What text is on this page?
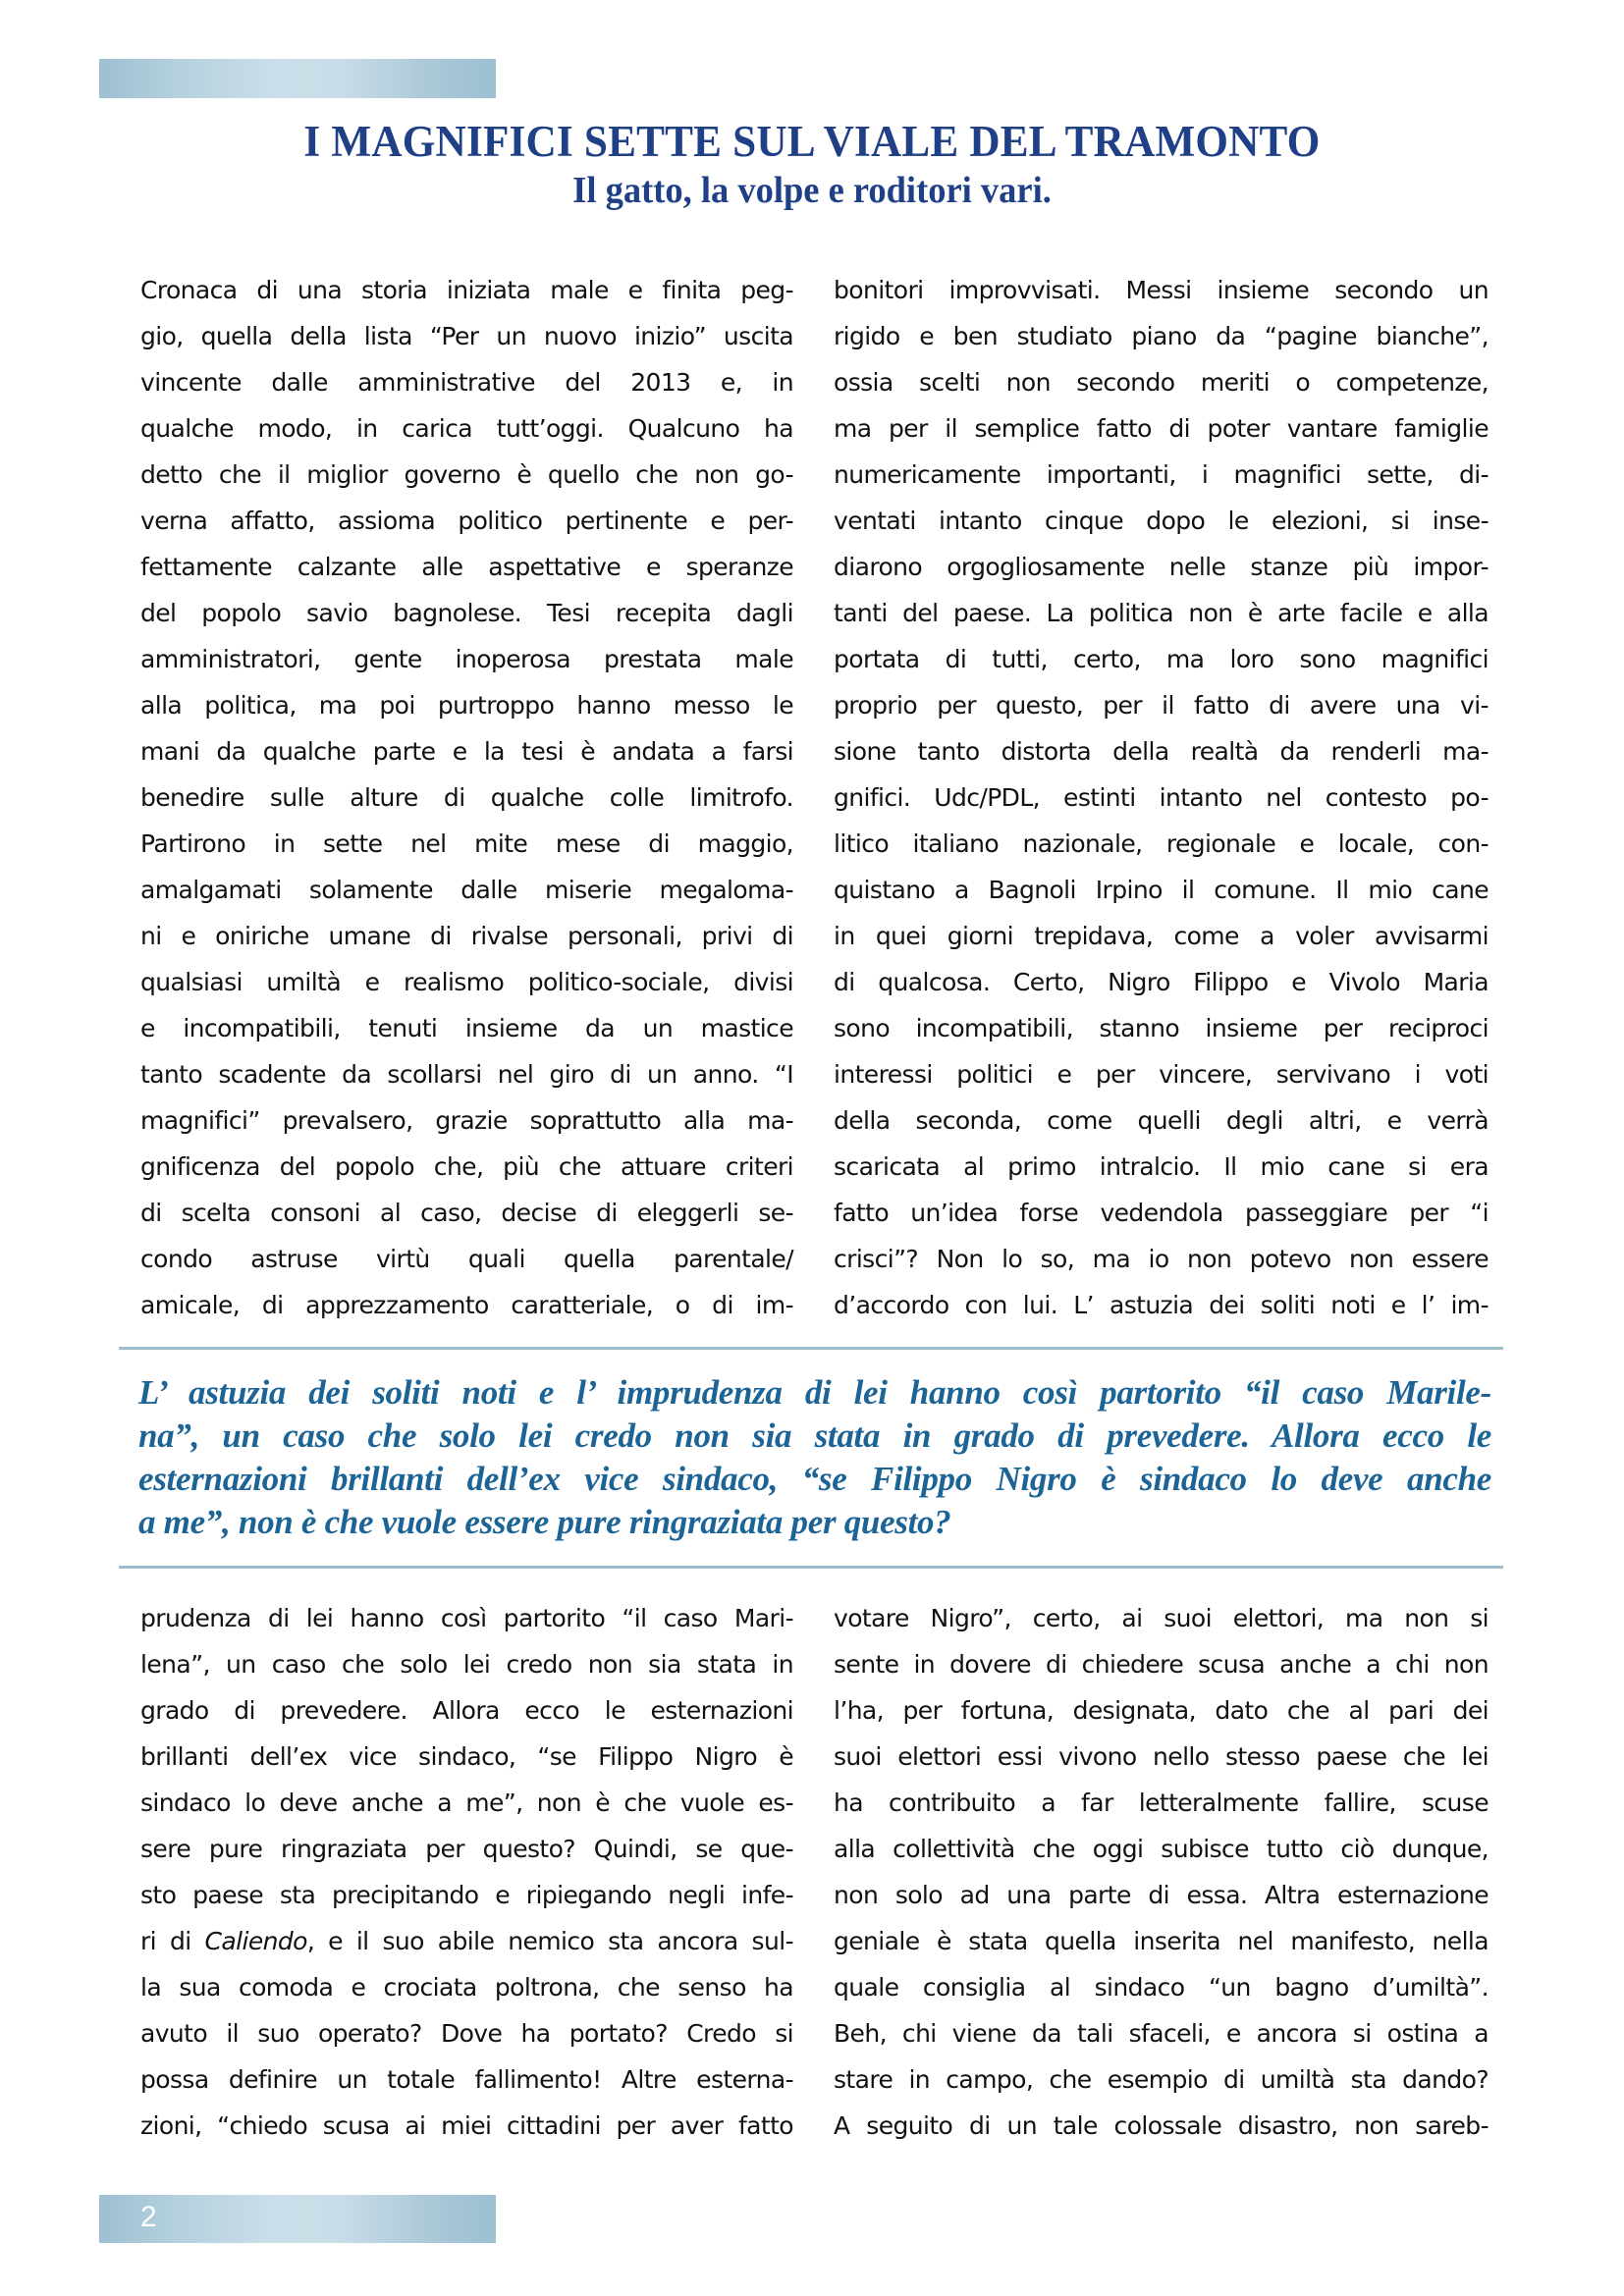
I MAGNIFICI SETTE SUL VIALE DEL TRAMONTO
Il gatto, la volpe e roditori vari.
Cronaca di una storia iniziata male e finita peg-
gio, quella della lista “Per un nuovo inizio” uscita
vincente dalle amministrative del 2013 e, in
qualche modo, in carica tutt’oggi. Qualcuno ha
detto che il miglior governo è quello che non go-
verna affatto, assioma politico pertinente e per-
fettamente calzante alle aspettative e speranze
del popolo savio bagnolese. Tesi recepita dagli
amministratori, gente inoperosa prestata male
alla politica, ma poi purtroppo hanno messo le
mani da qualche parte e la tesi è andata a farsi
benedire sulle alture di qualche colle limitrofo.
Partirono in sette nel mite mese di maggio,
amalgamati solamente dalle miserie megaloma-
ni e oniriche umane di rivalse personali, privi di
qualsiasi umiltà e realismo politico-sociale, divisi
e incompatibili, tenuti insieme da un mastice
tanto scadente da scollarsi nel giro di un anno. “I
magnifici” prevalsero, grazie soprattutto alla ma-
gnificenza del popolo che, più che attuare criteri
di scelta consoni al caso, decise di eleggerli se-
condo astruse virtù quali quella parentale/
amicale, di apprezzamento caratteriale, o di im-
bonitori improvvisati. Messi insieme secondo un
rigido e ben studiato piano da “pagine bianche”,
ossia scelti non secondo meriti o competenze,
ma per il semplice fatto di poter vantare famiglie
numericamente importanti, i magnifici sette, di-
ventati intanto cinque dopo le elezioni, si inse-
diarono orgogliosamente nelle stanze più impor-
tanti del paese. La politica non è arte facile e alla
portata di tutti, certo, ma loro sono magnifici
proprio per questo, per il fatto di avere una vi-
sione tanto distorta della realtà da renderli ma-
gnifici. Udc/PDL, estinti intanto nel contesto po-
litico italiano nazionale, regionale e locale, con-
quistano a Bagnoli Irpino il comune. Il mio cane
in quei giorni trepidava, come a voler avvisarmi
di qualcosa. Certo, Nigro Filippo e Vivolo Maria
sono incompatibili, stanno insieme per reciproci
interessi politici e per vincere, servivano i voti
della seconda, come quelli degli altri, e verrà
scaricata al primo intralcio. Il mio cane si era
fatto un’idea forse vedendola passeggiare per “i
crisci”? Non lo so, ma io non potevo non essere
d’accordo con lui. L’ astuzia dei soliti noti e l’ im-
L’ astuzia dei soliti noti e l’ imprudenza di lei hanno così partorito “il caso Marile-
na”, un caso che solo lei credo non sia stata in grado di prevedere. Allora ecco le
esternazioni brillanti dell’ex vice sindaco, “se Filippo Nigro è sindaco lo deve anche
a me”, non è che vuole essere pure ringraziata per questo?
prudenza di lei hanno così partorito “il caso Mari-
lena”, un caso che solo lei credo non sia stata in
grado di prevedere. Allora ecco le esternazioni
brillanti dell’ex vice sindaco, “se Filippo Nigro è
sindaco lo deve anche a me”, non è che vuole es-
sere pure ringraziata per questo? Quindi, se que-
sto paese sta precipitando e ripiegando negli infe-
ri di Caliendo, e il suo abile nemico sta ancora sul-
la sua comoda e crociata poltrona, che senso ha
avuto il suo operato? Dove ha portato? Credo si
possa definire un totale fallimento! Altre esterna-
zioni, “chiedo scusa ai miei cittadini per aver fatto
votare Nigro”, certo, ai suoi elettori, ma non si
sente in dovere di chiedere scusa anche a chi non
l’ha, per fortuna, designata, dato che al pari dei
suoi elettori essi vivono nello stesso paese che lei
ha contribuito a far letteralmente fallire, scuse
alla collettività che oggi subisce tutto ciò dunque,
non solo ad una parte di essa. Altra esternazione
geniale è stata quella inserita nel manifesto, nella
quale consiglia al sindaco “un bagno d’umiltà”.
Beh, chi viene da tali sfaceli, e ancora si ostina a
stare in campo, che esempio di umiltà sta dando?
A seguito di un tale colossale disastro, non sareb-
2
